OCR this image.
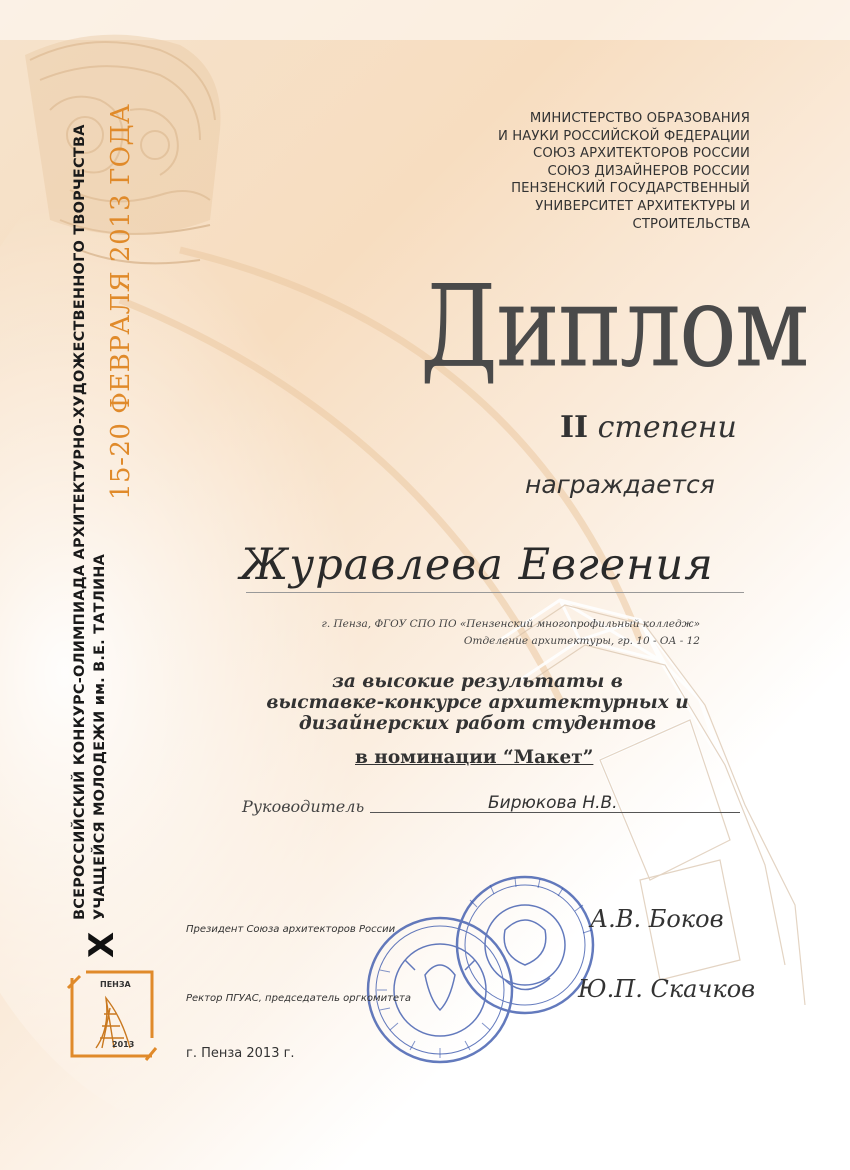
X
ВСЕРОССИЙСКИЙ КОНКУРС-ОЛИМПИАДА АРХИТЕКТУРНО-ХУДОЖЕСТВЕННОГО ТВОРЧЕСТВА УЧАЩЕЙСЯ МОЛОДЕЖИ им. В.Е. ТАТЛИНА
15-20 ФЕВРАЛЯ 2013 ГОДА
ПЕНЗА
2013
МИНИСТЕРСТВО ОБРАЗОВАНИЯ
И НАУКИ РОССИЙСКОЙ ФЕДЕРАЦИИ
СОЮЗ АРХИТЕКТОРОВ РОССИИ
СОЮЗ ДИЗАЙНЕРОВ РОССИИ
ПЕНЗЕНСКИЙ ГОСУДАРСТВЕННЫЙ
УНИВЕРСИТЕТ АРХИТЕКТУРЫ И
СТРОИТЕЛЬСТВА
Диплом
II степени
награждается
Журавлева Евгения
г. Пенза, ФГОУ СПО ПО «Пензенский многопрофильный колледж»
Отделение архитектуры, гр. 10 - ОА - 12
за высокие результаты в
выставке-конкурсе архитектурных и
дизайнерских работ студентов
в номинации “Макет”
Руководитель	Бирюкова Н.В.
Президент Союза архитекторов России	А.В. Боков
Ректор ПГУАС, председатель оргкомитета	Ю.П. Скачков
г. Пенза 2013 г.
